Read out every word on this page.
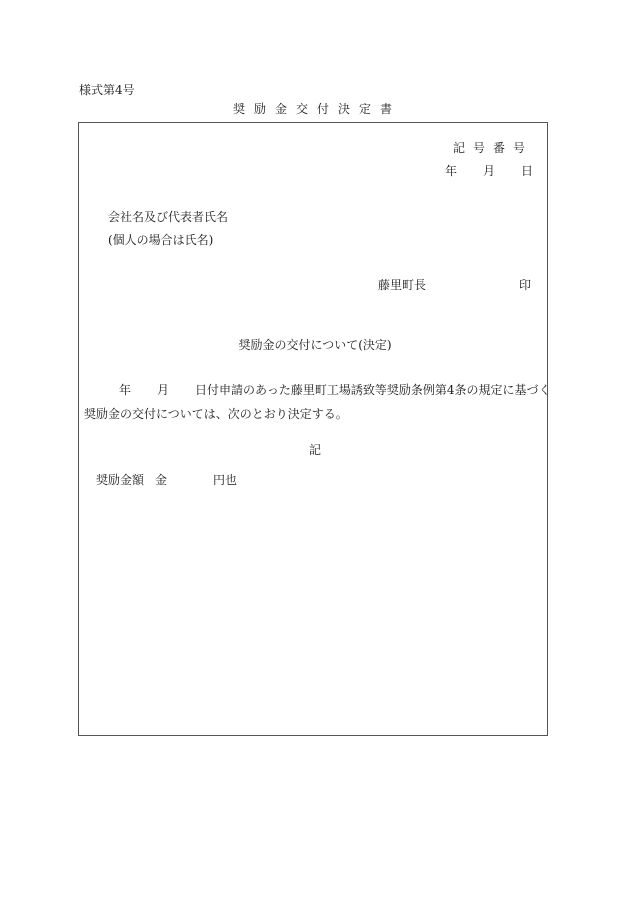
様式第4号
奨励金交付決定書
記号番号
年 月 日
会社名及び代表者氏名
(個人の場合は氏名)
藤里町長	印
奨励金の交付について(決定)
年 月 日付申請のあった藤里町工場誘致等奨励条例第4条の規定に基づく
奨励金の交付については、次のとおり決定する。
記
奨励金額 金	円也
